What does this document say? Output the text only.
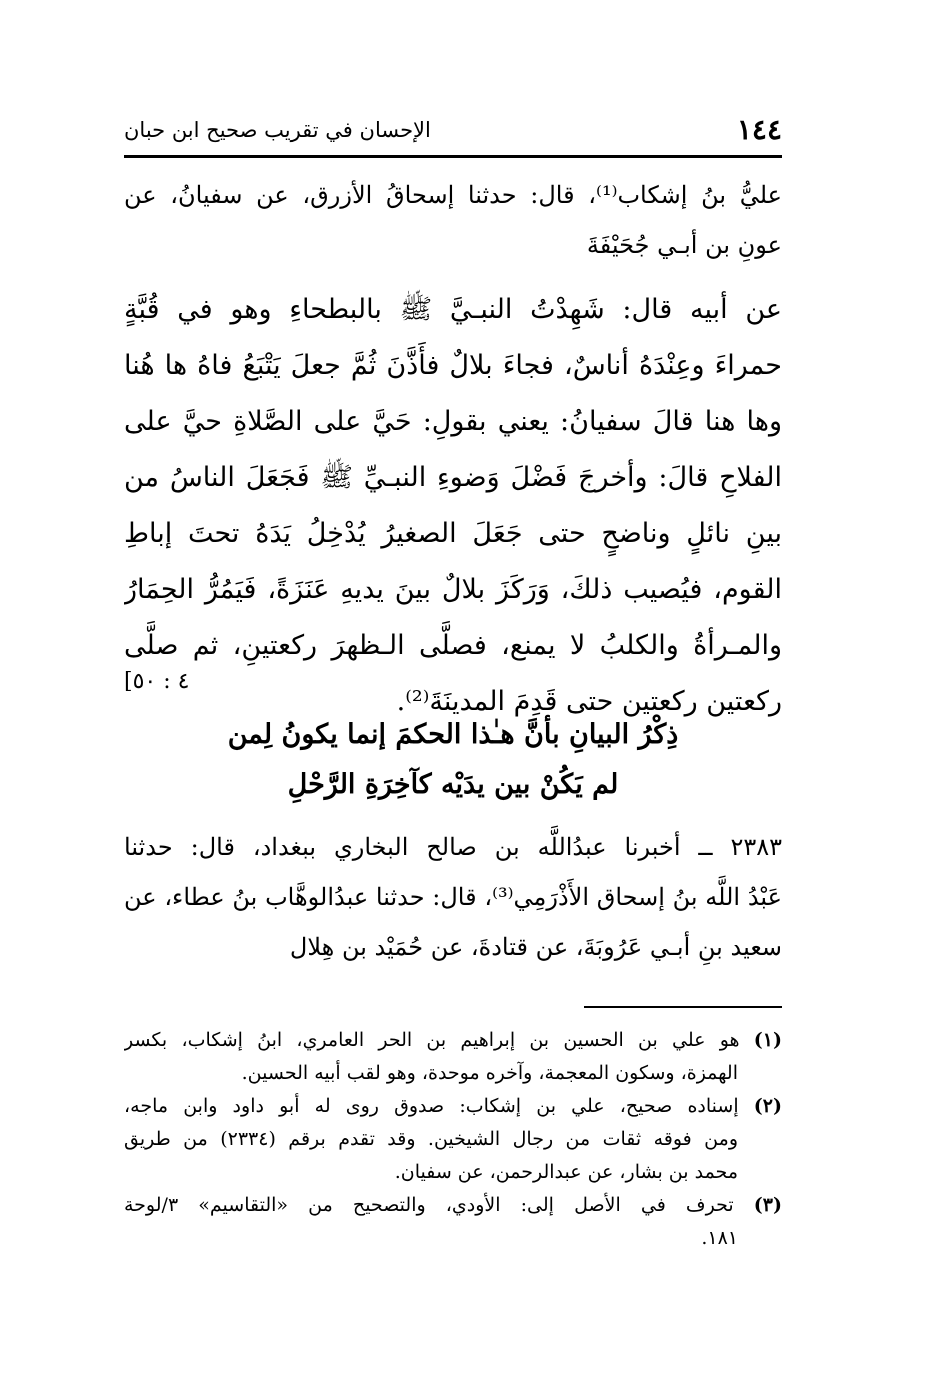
١٤٤
الإحسان في تقريب صحيح ابن حبان
عليُّ بنُ إشكاب⁽¹⁾، قال: حدثنا إسحاقُ الأزرق، عن سفيانُ، عن
عونِ بن أبـي جُحَيْفَةَ
عن أبيه قال: شَهِدْتُ النبـيَّ ﷺ بالبطحاءِ وهو في قُبَّةٍ
حمراءَ وعِنْدَهُ أناسٌ، فجاءَ بلالٌ فأَذَّنَ ثُمَّ جعلَ يَتْبَعُ فاهُ ها هُنا
وها هنا قالَ سفيانُ: يعني بقولِ: حَيَّ على الصَّلاةِ حيَّ على
الفلاحِ قالَ: وأخرجَ فَضْلَ وَضوءِ النبـيِّ ﷺ فَجَعَلَ الناسُ من
بينِ نائلٍ وناضحٍ حتى جَعَلَ الصغيرُ يُدْخِلُ يَدَهُ تحتَ إباطِ
القوم، فيُصيب ذلكَ، وَرَكَزَ بلالٌ بينَ يديهِ عَنَزَةً، فَيَمُرُّ الحِمَارُ
والمـرأةُ والكلبُ لا يمنع، فصلَّى الـظهرَ ركعتينِ، ثم صلَّى
ركعتين ركعتين حتى قَدِمَ المدينَةَ⁽²⁾.
[٤ : ٥٠
ذِكْرُ البيانِ بأنَّ هـٰذا الحكمَ إنما يكونُ لِمن
لم يَكُنْ بين يدَيْه كآخِرَةِ الرَّحْلِ
٢٣٨٣ ــ أخبرنا عبدُاللَّه بن صالح البخاري ببغداد، قال: حدثنا
عَبْدُ اللَّه بنُ إسحاق الأَذْرَمِي⁽³⁾، قال: حدثنا عبدُالوهَّاب بنُ عطاء، عن
سعيد بنِ أبـي عَرُوبَةَ، عن قتادةَ، عن حُمَيْد بن هِلال
(١) هو علي بن الحسين بن إبراهيم بن الحر العامري، ابنُ إشكاب، بكسر
الهمزة، وسكون المعجمة، وآخره موحدة، وهو لقب أبيه الحسين.
(٢) إسناده صحيح، علي بن إشكاب: صدوق روى له أبو داود وابن ماجه،
ومن فوقه ثقات من رجال الشيخين. وقد تقدم برقم (٢٣٣٤) من طريق
محمد بن بشار، عن عبدالرحمن، عن سفيان.
(٣) تحرف في الأصل إلى: الأودي، والتصحيح من «التقاسيم» ٣/لوحة
١٨١.
